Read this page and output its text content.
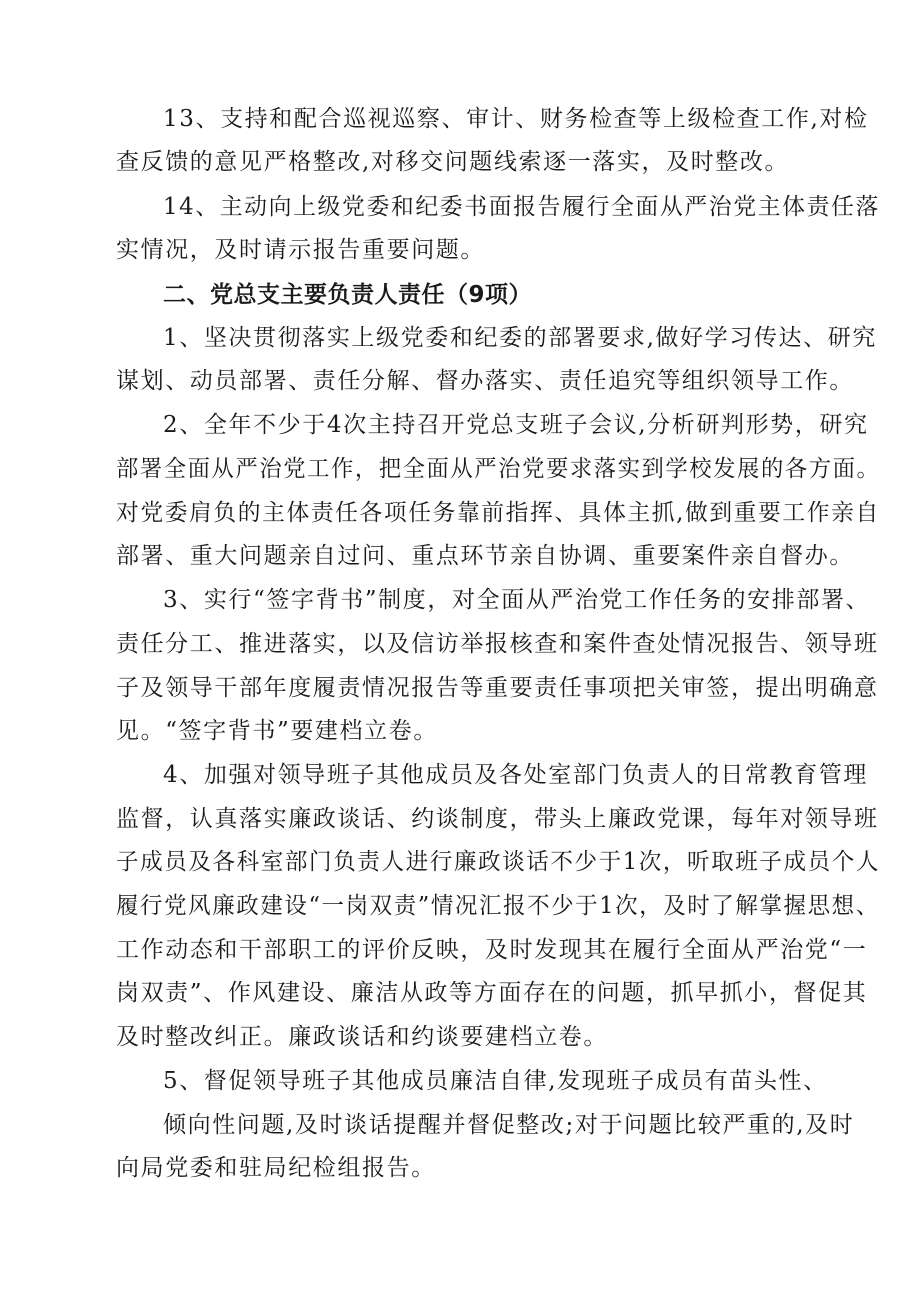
13、支持和配合巡视巡察、审计、财务检查等上级检查工作,对检
查反馈的意见严格整改,对移交问题线索逐一落实，及时整改。
14、主动向上级党委和纪委书面报告履行全面从严治党主体责任落
实情况，及时请示报告重要问题。
二、党总支主要负责人责任（9项）
1、坚决贯彻落实上级党委和纪委的部署要求,做好学习传达、研究
谋划、动员部署、责任分解、督办落实、责任追究等组织领导工作。
2、全年不少于4次主持召开党总支班子会议,分析研判形势，研究
部署全面从严治党工作，把全面从严治党要求落实到学校发展的各方面。
对党委肩负的主体责任各项任务靠前指挥、具体主抓,做到重要工作亲自
部署、重大问题亲自过问、重点环节亲自协调、重要案件亲自督办。
3、实行“签字背书”制度，对全面从严治党工作任务的安排部署、
责任分工、推进落实，以及信访举报核查和案件查处情况报告、领导班
子及领导干部年度履责情况报告等重要责任事项把关审签，提出明确意
见。“签字背书”要建档立卷。
4、加强对领导班子其他成员及各处室部门负责人的日常教育管理
监督，认真落实廉政谈话、约谈制度，带头上廉政党课，每年对领导班
子成员及各科室部门负责人进行廉政谈话不少于1次，听取班子成员个人
履行党风廉政建设“一岗双责”情况汇报不少于1次，及时了解掌握思想、
工作动态和干部职工的评价反映，及时发现其在履行全面从严治党“一
岗双责”、作风建设、廉洁从政等方面存在的问题，抓早抓小，督促其
及时整改纠正。廉政谈话和约谈要建档立卷。
5、督促领导班子其他成员廉洁自律,发现班子成员有苗头性、
倾向性问题,及时谈话提醒并督促整改;对于问题比较严重的,及时
向局党委和驻局纪检组报告。
